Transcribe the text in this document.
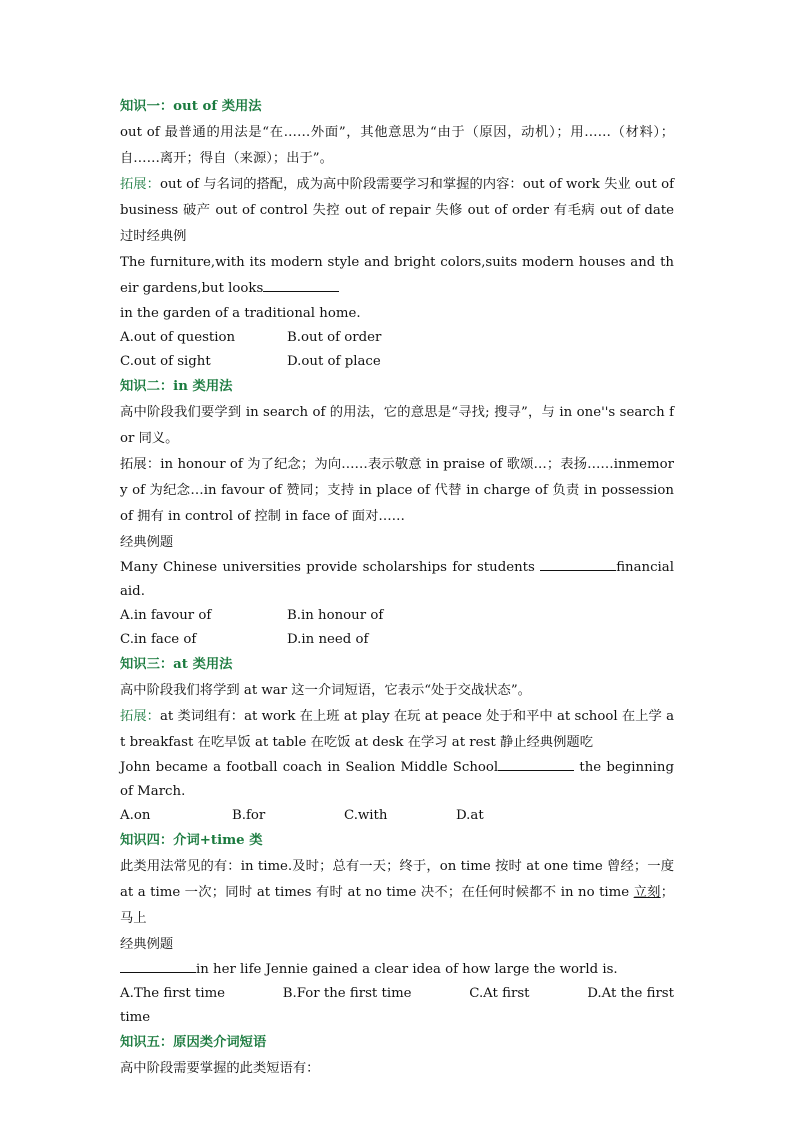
知识一：out of 类用法

out of 最普通的用法是“在……外面”，其他意思为“由于（原因，动机）；用……（材料）；自……离开；得自（来源）；出于”。

拓展：out of 与名词的搭配，成为高中阶段需要学习和掌握的内容：out of work 失业 out of business 破产 out of control 失控 out of repair 失修 out of order 有毛病 out of date 过时经典例

The furniture,with its modern style and bright colors,suits modern houses and their gardens,but looks

in the garden of a traditional home.

A.out of question	B.out of order
C.out of sight	D.out of place

知识二：in 类用法

高中阶段我们要学到 in search of 的用法，它的意思是“寻找; 搜寻”，与 in one''s search for 同义。

拓展：in honour of 为了纪念；为向……表示敬意 in praise of 歌颂…；表扬……inmemory of 为纪念…in favour of 赞同；支持 in place of 代替 in charge of 负责 in possession of 拥有 in control of 控制 in face of 面对……

经典例题

Many Chinese universities provide scholarships for students	financial aid.

A.in favour of	B.in honour of
C.in face of	D.in need of

知识三：at 类用法

高中阶段我们将学到 at war 这一介词短语，它表示“处于交战状态”。

拓展：at 类词组有：at work 在上班 at play 在玩 at peace 处于和平中 at school 在上学 at breakfast 在吃早饭 at table 在吃饭 at desk 在学习 at rest 静止经典例题吃

John became a football coach in Sealion Middle School	the beginning of March.

A.on	B.for	C.with	D.at

知识四：介词+time 类

此类用法常见的有：in time.及时；总有一天；终于，on time 按时 at one time 曾经；一度 at a time 一次；同时 at times 有时 at no time 决不；在任何时候都不 in no time 立刻；马上

经典例题

in her life Jennie gained a clear idea of how large the world is.

A.The first time	B.For the first time	C.At first	D.At the first

time

知识五：原因类介词短语

高中阶段需要掌握的此类短语有：
